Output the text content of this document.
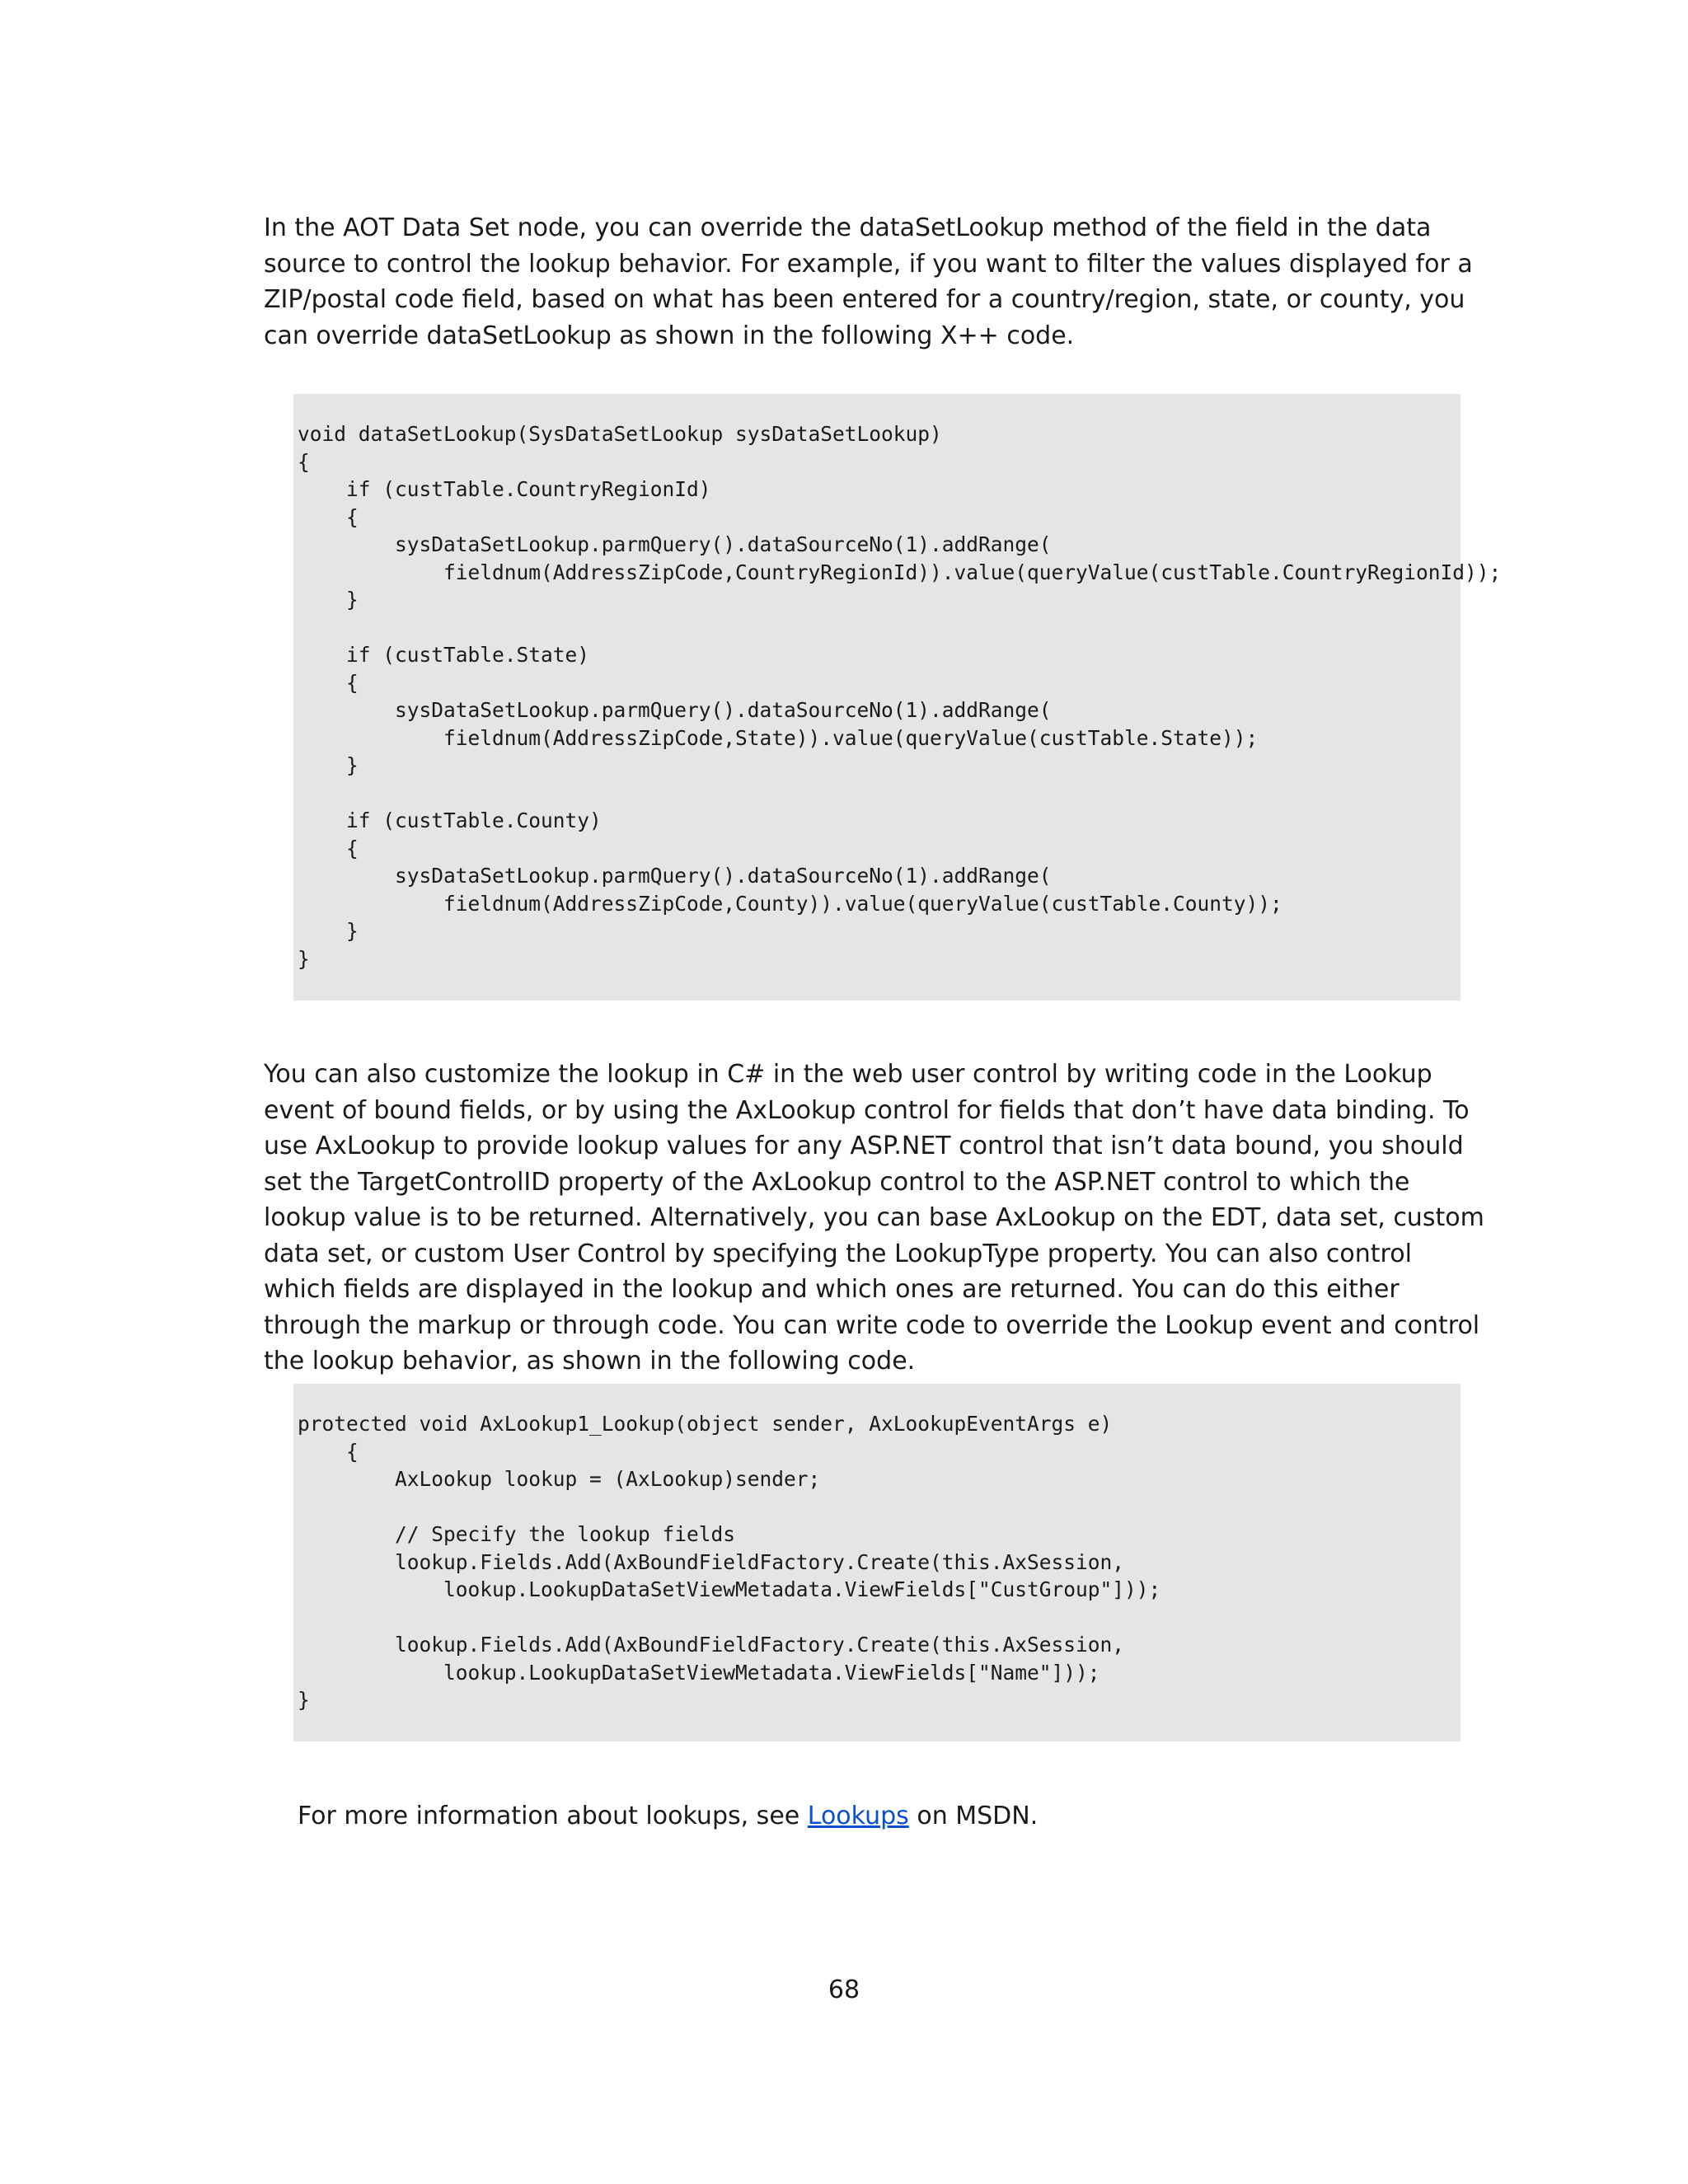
In the AOT Data Set node, you can override the dataSetLookup method of the field in the data source to control the lookup behavior. For example, if you want to filter the values displayed for a ZIP/postal code field, based on what has been entered for a country/region, state, or county, you can override dataSetLookup as shown in the following X++ code.

void dataSetLookup(SysDataSetLookup sysDataSetLookup)
{
if (custTable.CountryRegionId)
{
sysDataSetLookup.parmQuery().dataSourceNo(1).addRange(
fieldnum(AddressZipCode,CountryRegionId)).value(queryValue(custTable.CountryRegionId));
}
if (custTable.State)
{
sysDataSetLookup.parmQuery().dataSourceNo(1).addRange(
fieldnum(AddressZipCode,State)).value(queryValue(custTable.State));
}
if (custTable.County)
{
sysDataSetLookup.parmQuery().dataSourceNo(1).addRange(
fieldnum(AddressZipCode,County)).value(queryValue(custTable.County));
}
}

You can also customize the lookup in C# in the web user control by writing code in the Lookup event of bound fields, or by using the AxLookup control for fields that don’t have data binding. To use AxLookup to provide lookup values for any ASP.NET control that isn’t data bound, you should set the TargetControlID property of the AxLookup control to the ASP.NET control to which the lookup value is to be returned. Alternatively, you can base AxLookup on the EDT, data set, custom data set, or custom User Control by specifying the LookupType property. You can also control which fields are displayed in the lookup and which ones are returned. You can do this either through the markup or through code. You can write code to override the Lookup event and control the lookup behavior, as shown in the following code.

protected void AxLookup1_Lookup(object sender, AxLookupEventArgs e)
{
AxLookup lookup = (AxLookup)sender;
// Specify the lookup fields
lookup.Fields.Add(AxBoundFieldFactory.Create(this.AxSession,
lookup.LookupDataSetViewMetadata.ViewFields["CustGroup"]));
lookup.Fields.Add(AxBoundFieldFactory.Create(this.AxSession,
lookup.LookupDataSetViewMetadata.ViewFields["Name"]));
}

For more information about lookups, see Lookups on MSDN.

68
